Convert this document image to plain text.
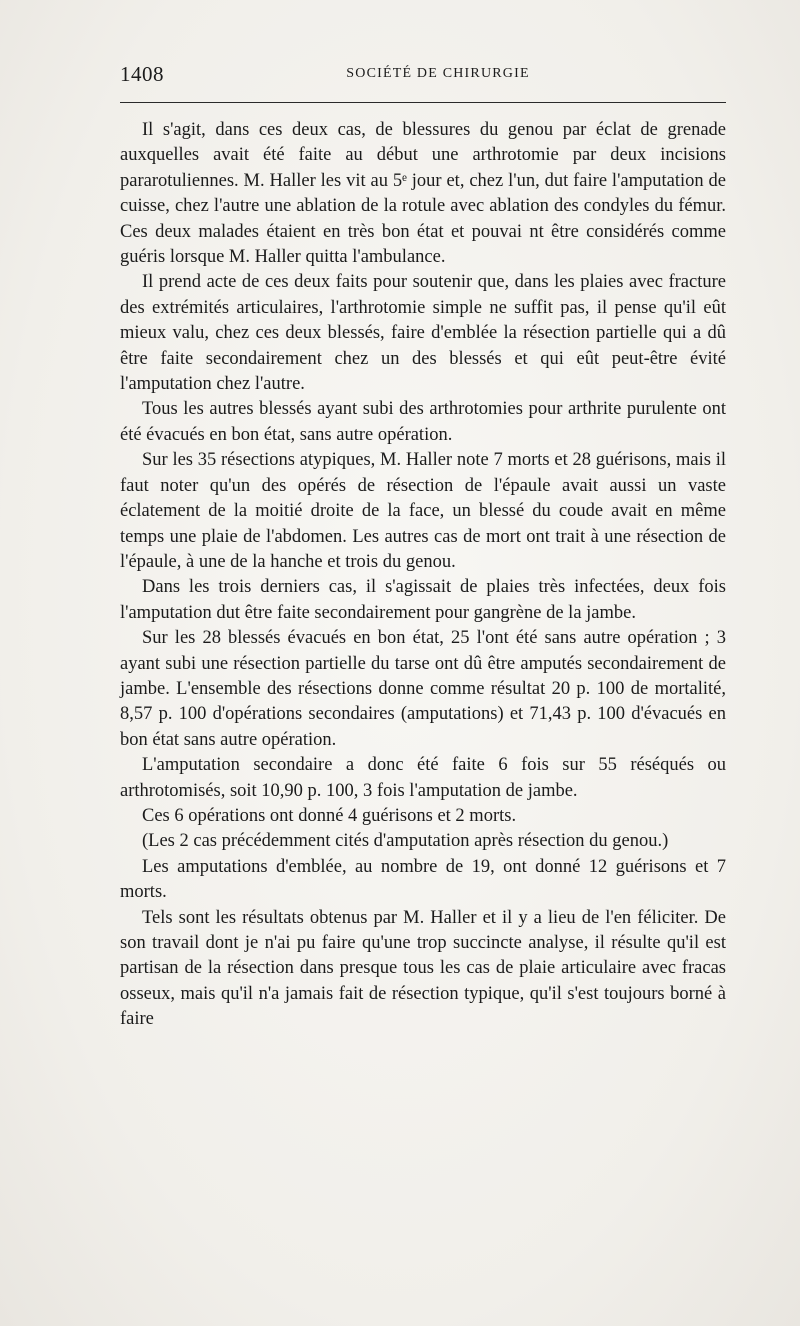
1408	SOCIÉTÉ DE CHIRURGIE

Il s'agit, dans ces deux cas, de blessures du genou par éclat de grenade auxquelles avait été faite au début une arthrotomie par deux incisions pararotuliennes. M. Haller les vit au 5ᵉ jour et, chez l'un, dut faire l'amputation de cuisse, chez l'autre une ablation de la rotule avec ablation des condyles du fémur. Ces deux malades étaient en très bon état et pouvai nt être considérés comme guéris lorsque M. Haller quitta l'ambulance.

Il prend acte de ces deux faits pour soutenir que, dans les plaies avec fracture des extrémités articulaires, l'arthrotomie simple ne suffit pas, il pense qu'il eût mieux valu, chez ces deux blessés, faire d'emblée la résection partielle qui a dû être faite secondairement chez un des blessés et qui eût peut-être évité l'amputation chez l'autre.

Tous les autres blessés ayant subi des arthrotomies pour arthrite purulente ont été évacués en bon état, sans autre opération.

Sur les 35 résections atypiques, M. Haller note 7 morts et 28 guérisons, mais il faut noter qu'un des opérés de résection de l'épaule avait aussi un vaste éclatement de la moitié droite de la face, un blessé du coude avait en même temps une plaie de l'abdomen. Les autres cas de mort ont trait à une résection de l'épaule, à une de la hanche et trois du genou.

Dans les trois derniers cas, il s'agissait de plaies très infectées, deux fois l'amputation dut être faite secondairement pour gangrène de la jambe.

Sur les 28 blessés évacués en bon état, 25 l'ont été sans autre opération ; 3 ayant subi une résection partielle du tarse ont dû être amputés secondairement de jambe. L'ensemble des résections donne comme résultat 20 p. 100 de mortalité, 8,57 p. 100 d'opérations secondaires (amputations) et 71,43 p. 100 d'évacués en bon état sans autre opération.

L'amputation secondaire a donc été faite 6 fois sur 55 réséqués ou arthrotomisés, soit 10,90 p. 100, 3 fois l'amputation de jambe.

Ces 6 opérations ont donné 4 guérisons et 2 morts.

(Les 2 cas précédemment cités d'amputation après résection du genou.)

Les amputations d'emblée, au nombre de 19, ont donné 12 guérisons et 7 morts.

Tels sont les résultats obtenus par M. Haller et il y a lieu de l'en féliciter. De son travail dont je n'ai pu faire qu'une trop succincte analyse, il résulte qu'il est partisan de la résection dans presque tous les cas de plaie articulaire avec fracas osseux, mais qu'il n'a jamais fait de résection typique, qu'il s'est toujours borné à faire
